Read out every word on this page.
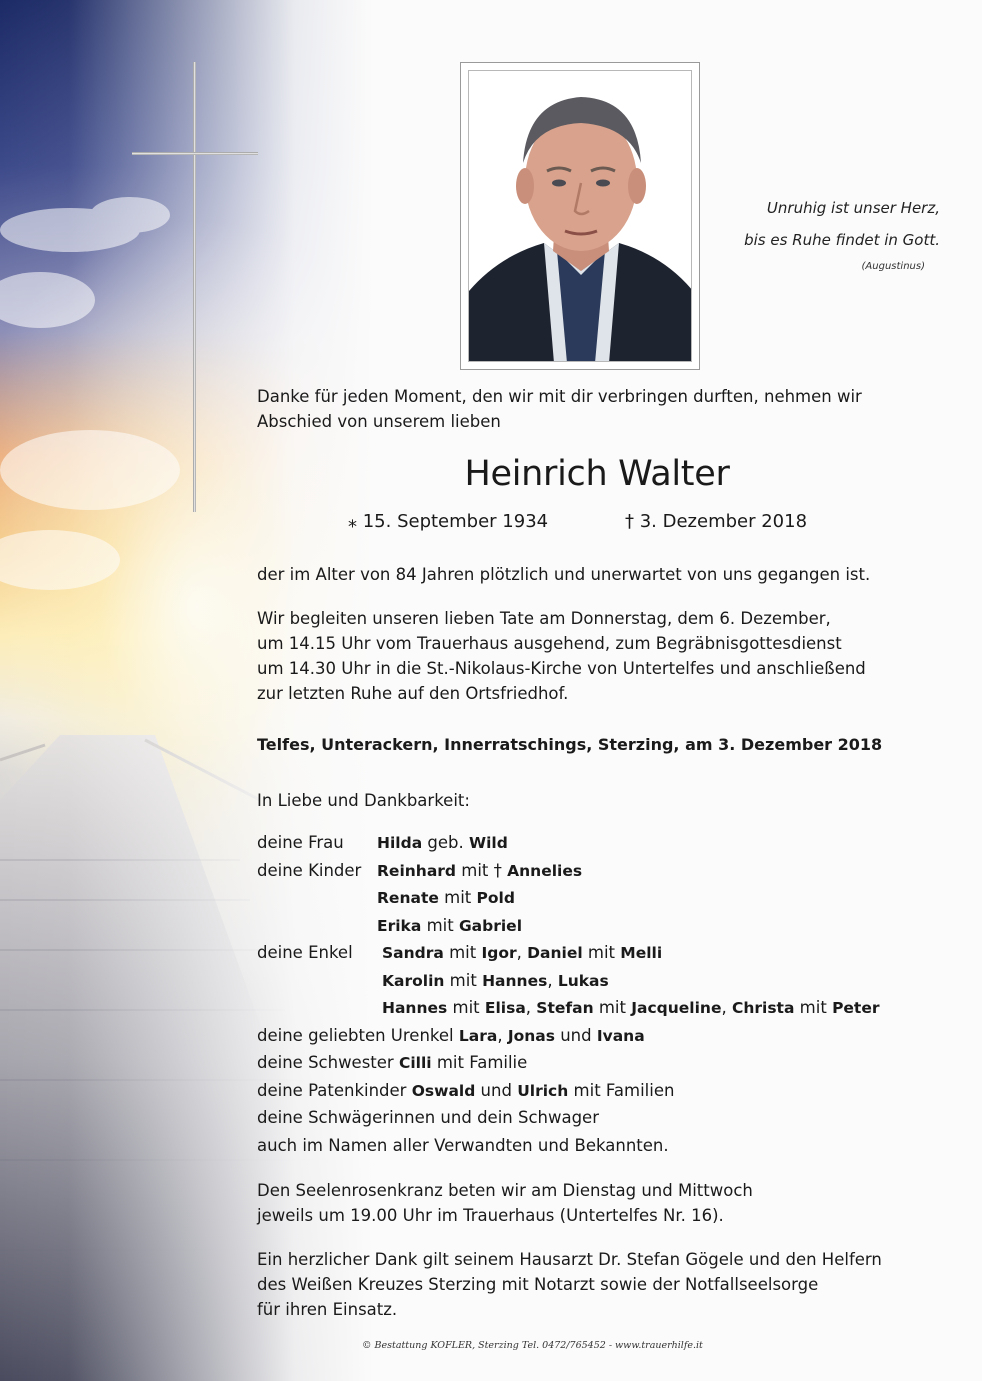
Unruhig ist unser Herz,
bis es Ruhe findet in Gott.
(Augustinus)
Danke für jeden Moment, den wir mit dir verbringen durften, nehmen wir
Abschied von unserem lieben
Heinrich Walter
⁎ 15. September 1934	† 3. Dezember 2018
der im Alter von 84 Jahren plötzlich und unerwartet von uns gegangen ist.
Wir begleiten unseren lieben Tate am Donnerstag, dem 6. Dezember,
um 14.15 Uhr vom Trauerhaus ausgehend, zum Begräbnisgottesdienst
um 14.30 Uhr in die St.-Nikolaus-Kirche von Untertelfes und anschließend
zur letzten Ruhe auf den Ortsfriedhof.
Telfes, Unterackern, Innerratschings, Sterzing, am 3. Dezember 2018
In Liebe und Dankbarkeit:
deine Frau Hilda geb. Wild
deine Kinder Reinhard mit † Annelies
Renate mit Pold
Erika mit Gabriel
deine Enkel Sandra mit Igor, Daniel mit Melli
Karolin mit Hannes, Lukas
Hannes mit Elisa, Stefan mit Jacqueline, Christa mit Peter
deine geliebten Urenkel Lara, Jonas und Ivana
deine Schwester Cilli mit Familie
deine Patenkinder Oswald und Ulrich mit Familien
deine Schwägerinnen und dein Schwager
auch im Namen aller Verwandten und Bekannten.
Den Seelenrosenkranz beten wir am Dienstag und Mittwoch
jeweils um 19.00 Uhr im Trauerhaus (Untertelfes Nr. 16).
Ein herzlicher Dank gilt seinem Hausarzt Dr. Stefan Gögele und den Helfern
des Weißen Kreuzes Sterzing mit Notarzt sowie der Notfallseelsorge
für ihren Einsatz.
© Bestattung KOFLER, Sterzing Tel. 0472/765452 - www.trauerhilfe.it
